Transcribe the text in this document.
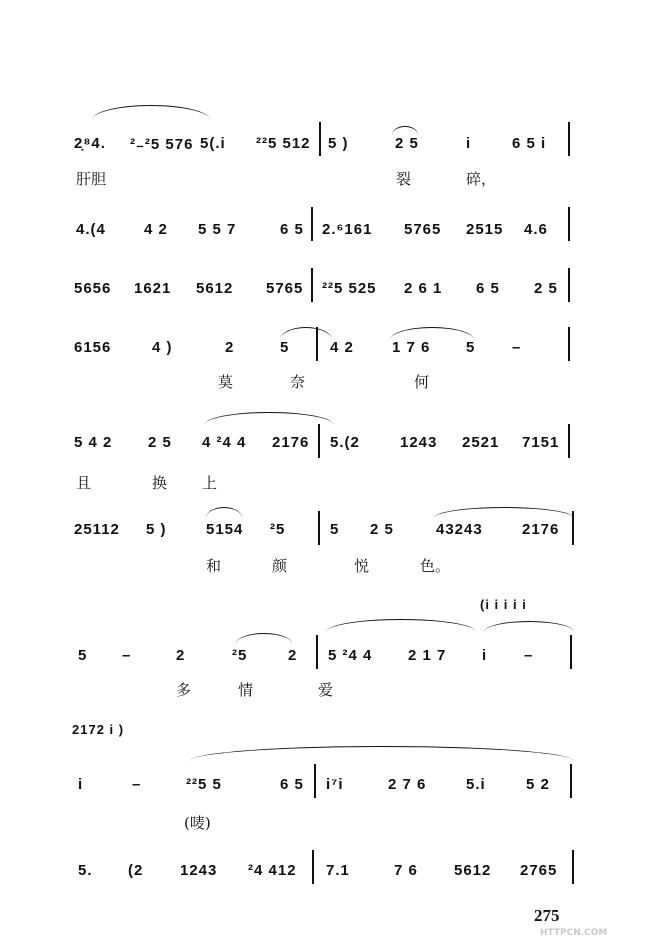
2̣⁸4. ²₋²5 576 5(.i ²²5 512 5 )	2 5	i	6 5 i
肝胆	裂	碎，
4.(4	4 2 5 5 7	6 5 2.⁶161 5765 2515 4.6
5656 1621 5612 5765 ²²5 525 2 6 1 6 5 2 5
6156	4 )	2	5	4 2	1 7 6 5 –
莫	奈	何
5 4 2 2 5 4 ²4 4 2176 5.(2	1243 2521 7151
且	换 上
25112 5 )	5154 ²5	5 2 5	43243	2176
和	颜	悦	色。
(i i i i i
5 –	2	²5	2 5 ²4 4 2 1 7 i –
多	情	爱
2172 i )
i	–	²²5 5	6 5 i⁷i	2 7 6	5.i	5 2
(唛)
5. (2 1243 ²4 412 7.1	7 6 5612 2765
275
HTTPCN.COM
